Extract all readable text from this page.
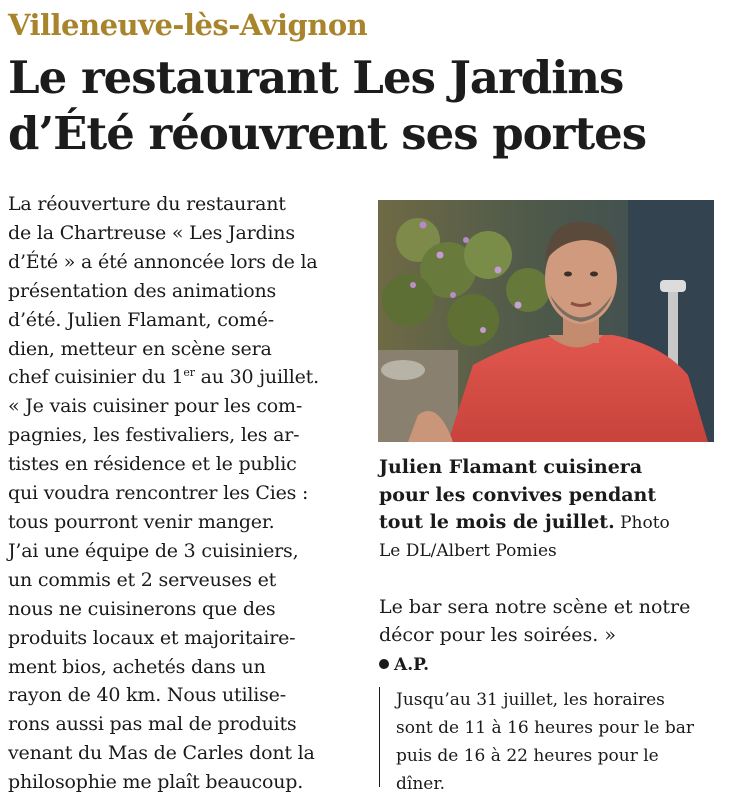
Villeneuve-lès-Avignon
Le restaurant Les Jardins
d’Été réouvrent ses portes
La réouverture du restaurant
de la Chartreuse « Les Jardins
d’Été » a été annoncée lors de la
présentation des animations
d’été. Julien Flamant, comé-
dien, metteur en scène sera
chef cuisinier du 1er au 30 juillet.
« Je vais cuisiner pour les com-
pagnies, les festivaliers, les ar-
tistes en résidence et le public
qui voudra rencontrer les Cies :
tous pourront venir manger.
J’ai une équipe de 3 cuisiniers,
un commis et 2 serveuses et
nous ne cuisinerons que des
produits locaux et majoritaire-
ment bios, achetés dans un
rayon de 40 km. Nous utilise-
rons aussi pas mal de produits
venant du Mas de Carles dont la
philosophie me plaît beaucoup.
Julien Flamant cuisinera
pour les convives pendant
tout le mois de juillet. Photo
Le DL/Albert Pomies
Le bar sera notre scène et notre
décor pour les soirées. »
A.P.
Jusqu’au 31 juillet, les horaires
sont de 11 à 16 heures pour le bar
puis de 16 à 22 heures pour le
dîner.
